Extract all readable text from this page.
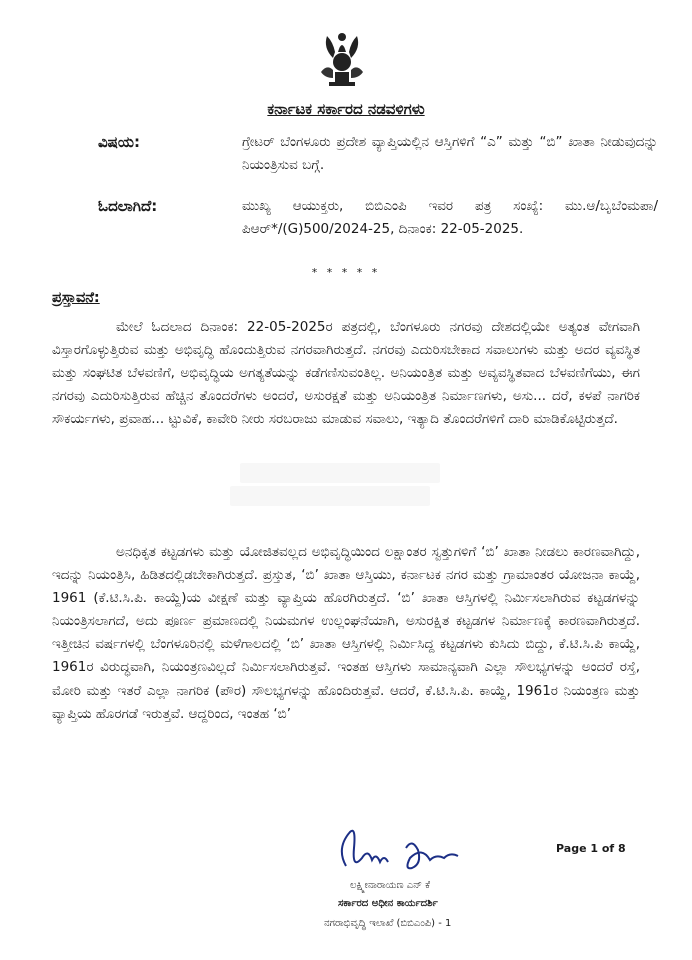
ಕರ್ನಾಟಕ ಸರ್ಕಾರದ ನಡವಳಿಗಳು
ವಿಷಯ:	ಗ್ರೇಟರ್ ಬೆಂಗಳೂರು ಪ್ರದೇಶ ವ್ಯಾಪ್ತಿಯಲ್ಲಿನ ಆಸ್ತಿಗಳಿಗೆ “ಎ” ಮತ್ತು “ಬಿ” ಖಾತಾ ನೀಡುವುದನ್ನು ನಿಯಂತ್ರಿಸುವ ಬಗ್ಗೆ.
ಓದಲಾಗಿದೆ:	ಮುಖ್ಯ ಆಯುಕ್ತರು, ಬಿಬಿಎಂಪಿ ಇವರ ಪತ್ರ ಸಂಖ್ಯೆ: ಮು.ಆ/ಬೃಬೆಂಮಪಾ/ಪಿಆರ್*/(G)500/2024-25, ದಿನಾಂಕ: 22-05-2025.
* * * * *
ಪ್ರಸ್ತಾವನೆ:

ಮೇಲೆ ಓದಲಾದ ದಿನಾಂಕ: 22-05-2025ರ ಪತ್ರದಲ್ಲಿ, ಬೆಂಗಳೂರು ನಗರವು ದೇಶದಲ್ಲಿಯೇ ಅತ್ಯಂತ ವೇಗವಾಗಿ ವಿಸ್ತಾರಗೊಳ್ಳುತ್ತಿರುವ ಮತ್ತು ಅಭಿವೃದ್ಧಿ ಹೊಂದುತ್ತಿರುವ ನಗರವಾಗಿರುತ್ತದೆ. ನಗರವು ಎದುರಿಸಬೇಕಾದ ಸವಾಲುಗಳು ಮತ್ತು ಅದರ ವ್ಯವಸ್ಥಿತ ಮತ್ತು ಸಂಘಟಿತ ಬೆಳವಣಿಗೆ, ಅಭಿವೃದ್ಧಿಯ ಅಗತ್ಯತೆಯನ್ನು ಕಡೆಗಣಿಸುವಂತಿಲ್ಲ. ಅನಿಯಂತ್ರಿತ ಮತ್ತು ಅವ್ಯವಸ್ಥಿತವಾದ ಬೆಳವಣಿಗೆಯು, ಈಗ ನಗರವು ಎದುರಿಸುತ್ತಿರುವ ಹೆಚ್ಚಿನ ತೊಂದರೆಗಳು ಅಂದರೆ, ಅಸುರಕ್ಷತೆ ಮತ್ತು ಅನಿಯಂತ್ರಿತ ನಿರ್ಮಾಣಗಳು, ಅಸು... ದರೆ, ಕಳಪೆ ನಾಗರಿಕ ಸೌಕರ್ಯಗಳು, ಪ್ರವಾಹ... ಟ್ಟುವಿಕೆ, ಕಾವೇರಿ ನೀರು ಸರಬರಾಜು ಮಾಡುವ ಸವಾಲು, ಇತ್ಯಾದಿ ತೊಂದರೆಗಳಿಗೆ ದಾರಿ ಮಾಡಿಕೊಟ್ಟಿರುತ್ತದೆ.

ಅನಧಿಕೃತ ಕಟ್ಟಡಗಳು ಮತ್ತು ಯೋಜಿತವಲ್ಲದ ಅಭಿವೃದ್ಧಿಯಿಂದ ಲಕ್ಷಾಂತರ ಸ್ವತ್ತುಗಳಿಗೆ ‘ಬಿ’ ಖಾತಾ ನೀಡಲು ಕಾರಣವಾಗಿದ್ದು, ಇದನ್ನು ನಿಯಂತ್ರಿಸಿ, ಹಿಡಿತದಲ್ಲಿಡಬೇಕಾಗಿರುತ್ತದೆ. ಪ್ರಸ್ತುತ, ‘ಬಿ’ ಖಾತಾ ಆಸ್ತಿಯು, ಕರ್ನಾಟಕ ನಗರ ಮತ್ತು ಗ್ರಾಮಾಂತರ ಯೋಜನಾ ಕಾಯ್ದೆ, 1961 (ಕೆ.ಟಿ.ಸಿ.ಪಿ. ಕಾಯ್ದೆ)ಯ ವೀಕ್ಷಣೆ ಮತ್ತು ವ್ಯಾಪ್ತಿಯ ಹೊರಗಿರುತ್ತದೆ. ‘ಬಿ’ ಖಾತಾ ಆಸ್ತಿಗಳಲ್ಲಿ ನಿರ್ಮಿಸಲಾಗಿರುವ ಕಟ್ಟಡಗಳನ್ನು ನಿಯಂತ್ರಿಸಲಾಗದೆ, ಅದು ಪೂರ್ಣ ಪ್ರಮಾಣದಲ್ಲಿ ನಿಯಮಗಳ ಉಲ್ಲಂಘನೆಯಾಗಿ, ಅಸುರಕ್ಷಿತ ಕಟ್ಟಡಗಳ ನಿರ್ಮಾಣಕ್ಕೆ ಕಾರಣವಾಗಿರುತ್ತದೆ. ಇತ್ತೀಚಿನ ವರ್ಷಗಳಲ್ಲಿ ಬೆಂಗಳೂರಿನಲ್ಲಿ ಮಳೆಗಾಲದಲ್ಲಿ ‘ಬಿ’ ಖಾತಾ ಆಸ್ತಿಗಳಲ್ಲಿ ನಿರ್ಮಿಸಿದ್ದ ಕಟ್ಟಡಗಳು ಕುಸಿದು ಬಿದ್ದು, ಕೆ.ಟಿ.ಸಿ.ಪಿ ಕಾಯ್ದೆ, 1961ರ ವಿರುದ್ಧವಾಗಿ, ನಿಯಂತ್ರಣವಿಲ್ಲದೆ ನಿರ್ಮಿಸಲಾಗಿರುತ್ತವೆ. ಇಂತಹ ಆಸ್ತಿಗಳು ಸಾಮಾನ್ಯವಾಗಿ ಎಲ್ಲಾ ಸೌಲಭ್ಯಗಳನ್ನು ಅಂದರೆ ರಸ್ತೆ, ಮೋರಿ ಮತ್ತು ಇತರೆ ಎಲ್ಲಾ ನಾಗರಿಕ (ಪೌರ) ಸೌಲಭ್ಯಗಳನ್ನು ಹೊಂದಿರುತ್ತವೆ. ಆದರೆ, ಕೆ.ಟಿ.ಸಿ.ಪಿ. ಕಾಯ್ದೆ, 1961ರ ನಿಯಂತ್ರಣ ಮತ್ತು ವ್ಯಾಪ್ತಿಯ ಹೊರಗಡೆ ಇರುತ್ತವೆ. ಆದ್ದರಿಂದ, ಇಂತಹ ‘ಬಿ’

Page 1 of 8
ಲಕ್ಷ್ಮೀನಾರಾಯಣ ಎನ್ ಕೆ
ಸರ್ಕಾರದ ಅಧೀನ ಕಾರ್ಯದರ್ಶಿ
ನಗರಾಭಿವೃದ್ಧಿ ಇಲಾಖೆ (ಬಿಬಿಎಂಪಿ) - 1
